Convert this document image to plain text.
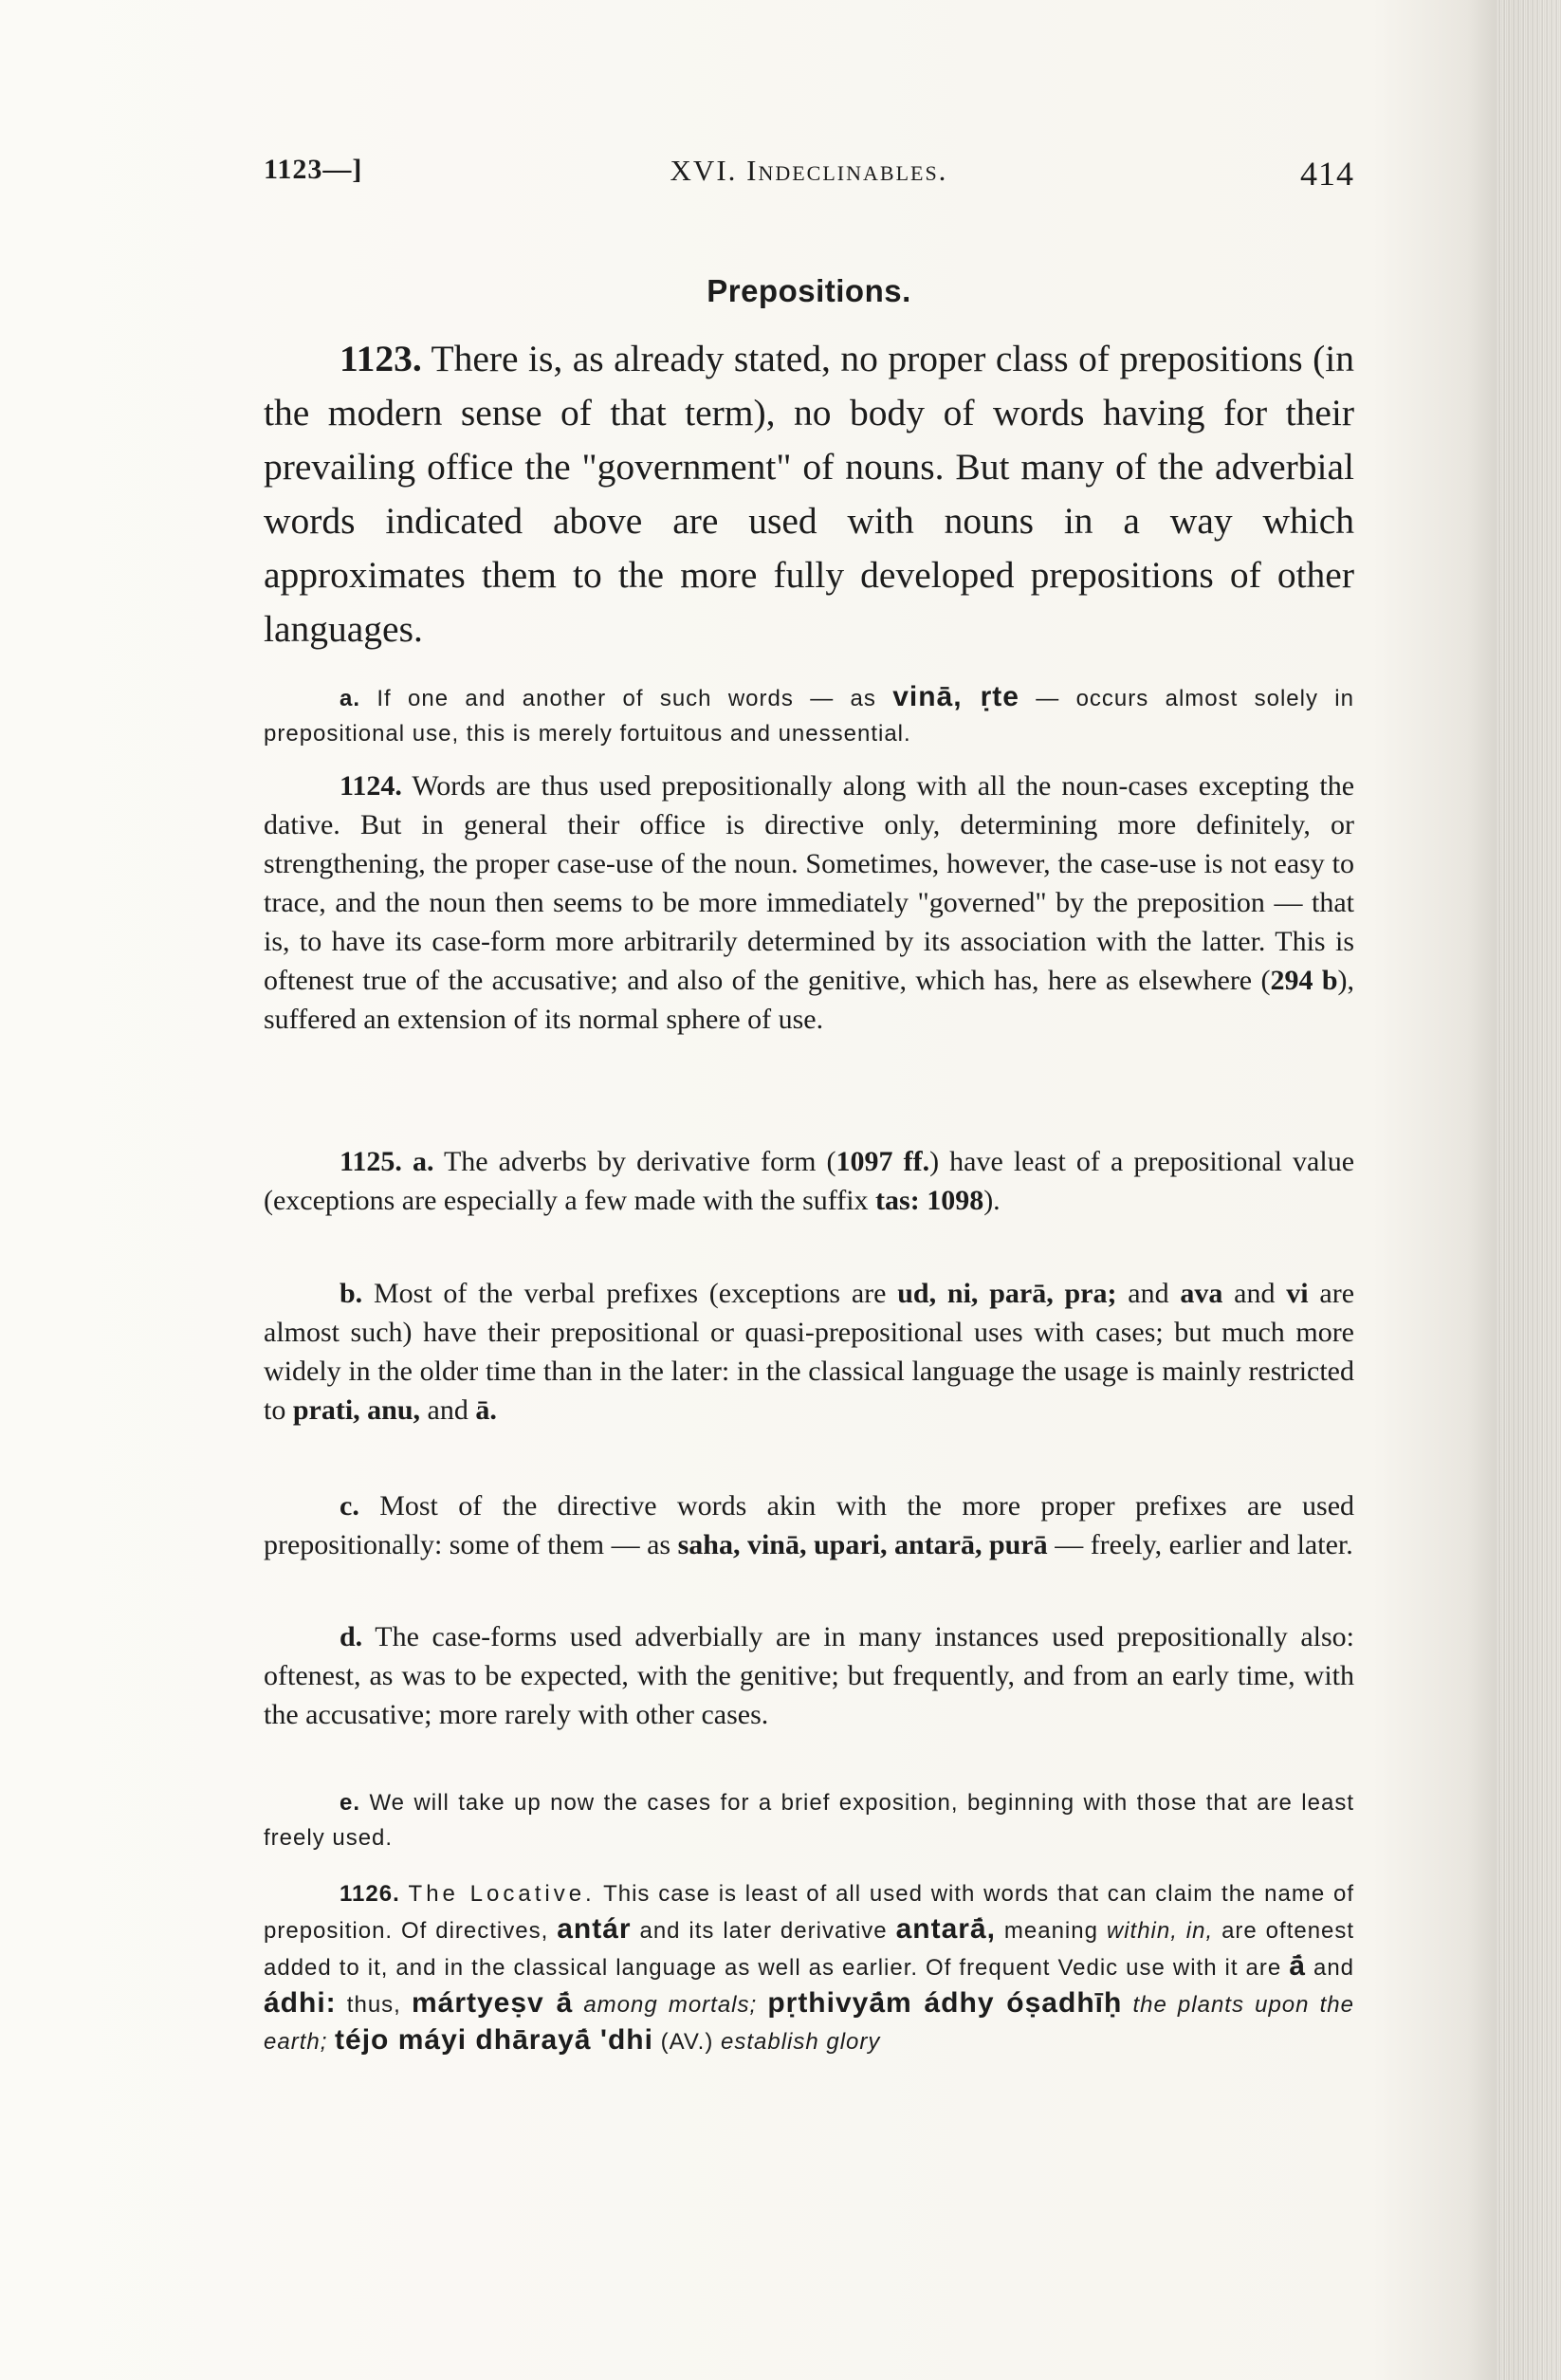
1123—]	XVI. Indeclinables.	414
Prepositions.
1123. There is, as already stated, no proper class of prepositions (in the modern sense of that term), no body of words having for their prevailing office the "government" of nouns. But many of the adverbial words indicated above are used with nouns in a way which approximates them to the more fully developed prepositions of other languages.
a. If one and another of such words — as vinā, ṛte — occurs almost solely in prepositional use, this is merely fortuitous and unessential.
1124. Words are thus used prepositionally along with all the noun-cases excepting the dative. But in general their office is directive only, determining more definitely, or strengthening, the proper case-use of the noun. Sometimes, however, the case-use is not easy to trace, and the noun then seems to be more immediately "governed" by the preposition — that is, to have its case-form more arbitrarily determined by its association with the latter. This is oftenest true of the accusative; and also of the genitive, which has, here as elsewhere (294 b), suffered an extension of its normal sphere of use.
1125. a. The adverbs by derivative form (1097 ff.) have least of a prepositional value (exceptions are especially a few made with the suffix tas: 1098).
b. Most of the verbal prefixes (exceptions are ud, ni, parā, pra; and ava and vi are almost such) have their prepositional or quasi-prepositional uses with cases; but much more widely in the older time than in the later: in the classical language the usage is mainly restricted to prati, anu, and ā.
c. Most of the directive words akin with the more proper prefixes are used prepositionally: some of them — as saha, vinā, upari, antarā, purā — freely, earlier and later.
d. The case-forms used adverbially are in many instances used prepositionally also: oftenest, as was to be expected, with the genitive; but frequently, and from an early time, with the accusative; more rarely with other cases.
e. We will take up now the cases for a brief exposition, beginning with those that are least freely used.
1126. The Locative. This case is least of all used with words that can claim the name of preposition. Of directives, antár and its later derivative antarā́, meaning within, in, are oftenest added to it, and in the classical language as well as earlier. Of frequent Vedic use with it are ā́ and ádhi: thus, mártyeṣv ā́ among mortals; pṛthivyā́m ádhy óṣadhīḥ the plants upon the earth; téjo máyi dhārayā́ 'dhi (AV.) establish glory
